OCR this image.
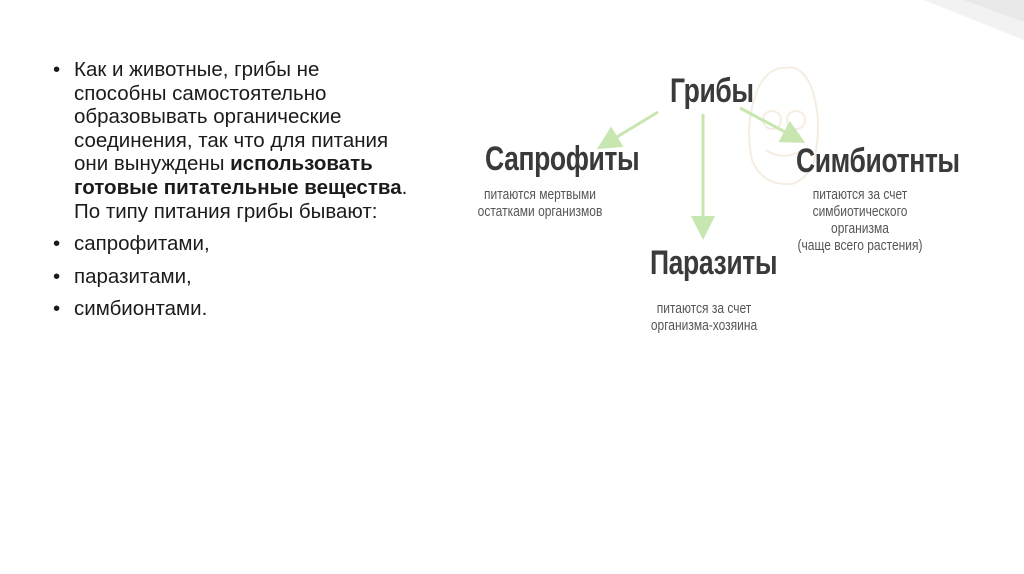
• Как и животные, грибы не способны самостоятельно образовывать органические соединения, так что для питания они вынуждены использовать готовые питательные вещества. По типу питания грибы бывают:
• сапрофитами,
• паразитами,
• симбионтами.
Грибы
Сапрофиты
питаются мертвыми
остатками организмов
Паразиты
питаются за счет
организма-хозяина
Симбиотнты
питаются за счет
симбиотического
организма
(чаще всего растения)
